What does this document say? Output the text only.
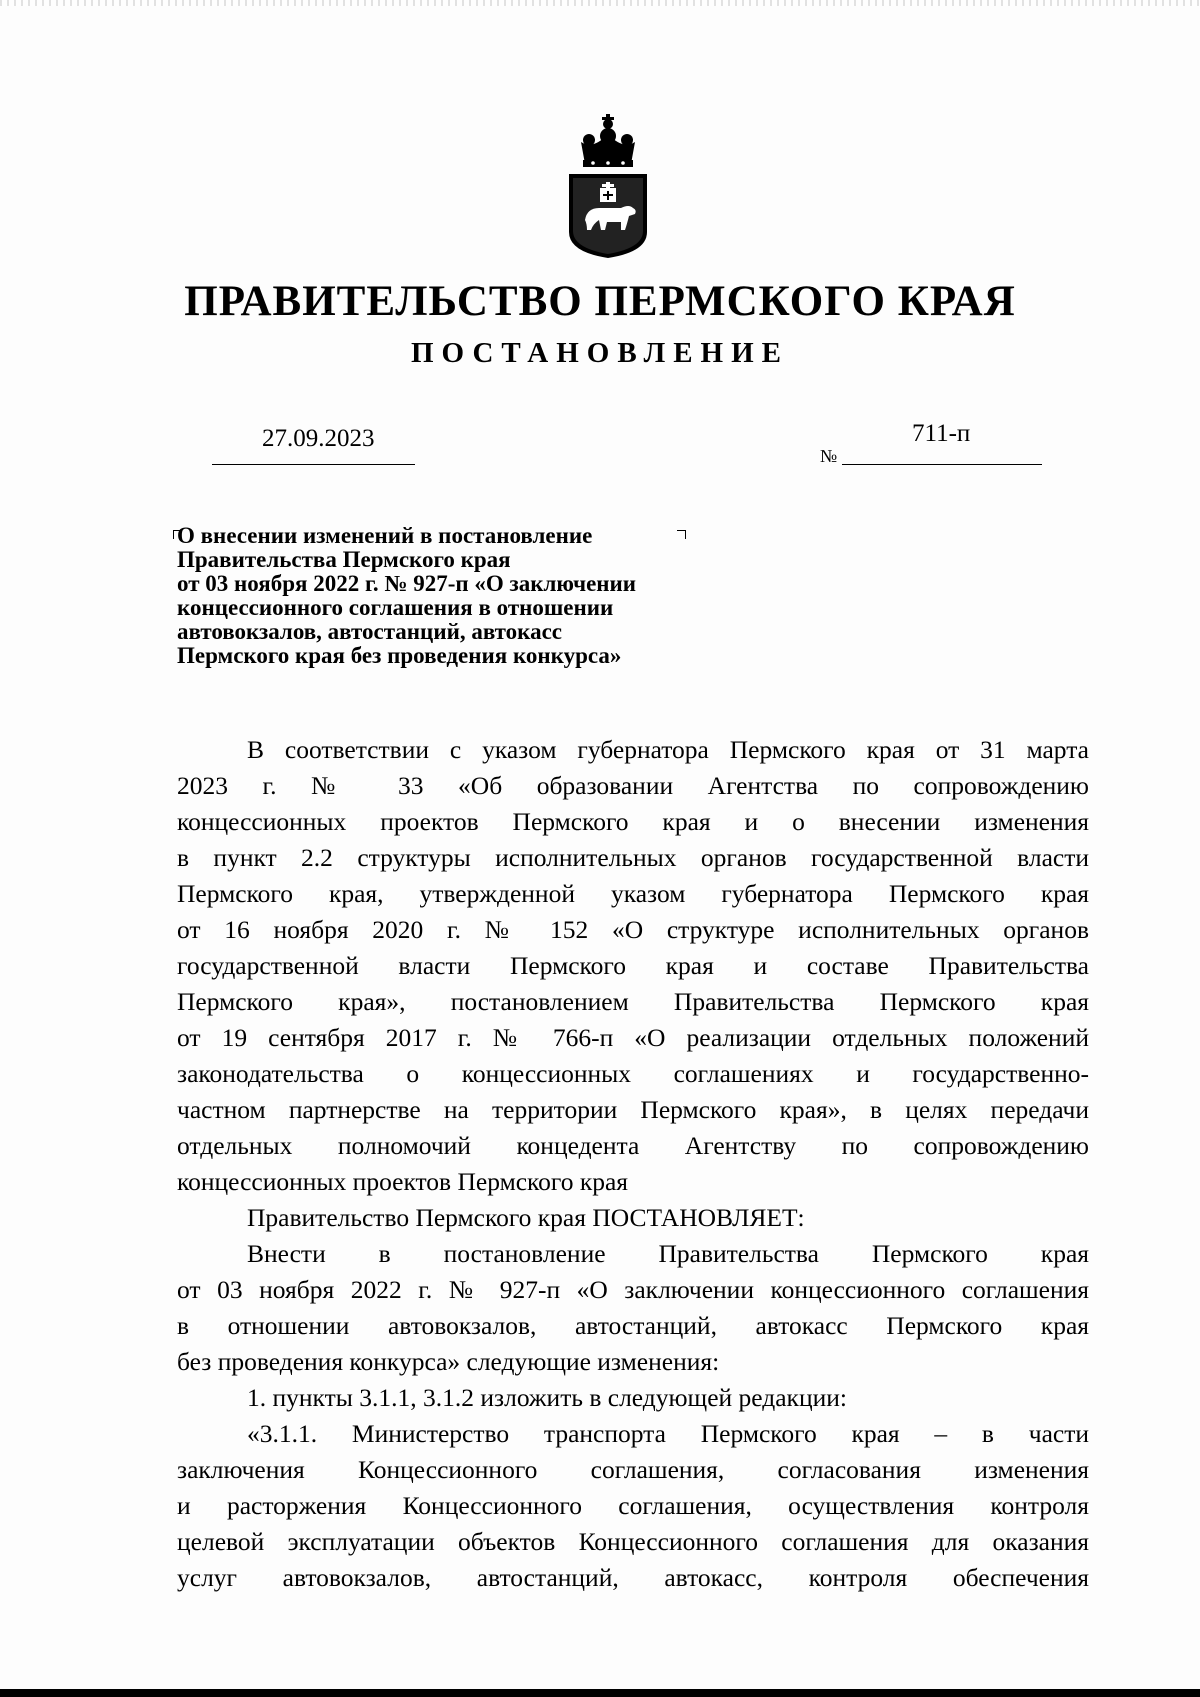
ПРАВИТЕЛЬСТВО ПЕРМСКОГО КРАЯ
ПОСТАНОВЛЕНИЕ
27.09.2023
№
711-п
О внесении изменений в постановление
Правительства Пермского края
от 03 ноября 2022 г. № 927-п «О заключении
концессионного соглашения в отношении
автовокзалов, автостанций, автокасс
Пермского края без проведения конкурса»
В соответствии с указом губернатора Пермского края от 31 марта
2023 г. № 33 «Об образовании Агентства по сопровождению
концессионных проектов Пермского края и о внесении изменения
в пункт 2.2 структуры исполнительных органов государственной власти
Пермского края, утвержденной указом губернатора Пермского края
от 16 ноября 2020 г. № 152 «О структуре исполнительных органов
государственной власти Пермского края и составе Правительства
Пермского края», постановлением Правительства Пермского края
от 19 сентября 2017 г. № 766-п «О реализации отдельных положений
законодательства о концессионных соглашениях и государственно-
частном партнерстве на территории Пермского края», в целях передачи
отдельных полномочий концедента Агентству по сопровождению
концессионных проектов Пермского края
Правительство Пермского края ПОСТАНОВЛЯЕТ:
Внести в постановление Правительства Пермского края
от 03 ноября 2022 г. № 927-п «О заключении концессионного соглашения
в отношении автовокзалов, автостанций, автокасс Пермского края
без проведения конкурса» следующие изменения:
1. пункты 3.1.1, 3.1.2 изложить в следующей редакции:
«3.1.1. Министерство транспорта Пермского края – в части
заключения Концессионного соглашения, согласования изменения
и расторжения Концессионного соглашения, осуществления контроля
целевой эксплуатации объектов Концессионного соглашения для оказания
услуг автовокзалов, автостанций, автокасс, контроля обеспечения
